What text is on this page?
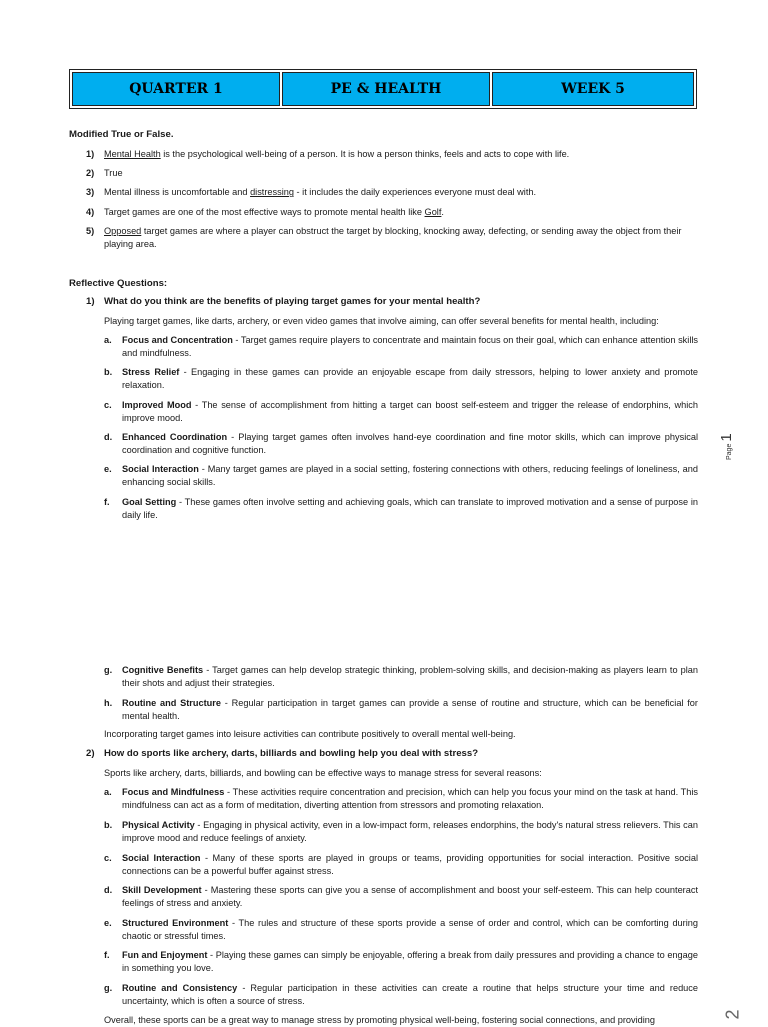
QUARTER 1	PE & HEALTH	WEEK 5
Modified True or False.
1)	Mental Health is the psychological well-being of a person. It is how a person thinks, feels and acts to cope with life.
2)	True
3)	Mental illness is uncomfortable and distressing - it includes the daily experiences everyone must deal with.
4)	Target games are one of the most effective ways to promote mental health like Golf.
5)	Opposed target games are where a player can obstruct the target by blocking, knocking away, defecting, or sending away the object from their playing area.
Reflective Questions:
1) What do you think are the benefits of playing target games for your mental health?
Playing target games, like darts, archery, or even video games that involve aiming, can offer several benefits for mental health, including:
a.	Focus and Concentration - Target games require players to concentrate and maintain focus on their goal, which can enhance attention skills and mindfulness.
b.	Stress Relief - Engaging in these games can provide an enjoyable escape from daily stressors, helping to lower anxiety and promote relaxation.
c.	Improved Mood - The sense of accomplishment from hitting a target can boost self-esteem and trigger the release of endorphins, which improve mood.
d.	Enhanced Coordination - Playing target games often involves hand-eye coordination and fine motor skills, which can improve physical coordination and cognitive function.
e.	Social Interaction - Many target games are played in a social setting, fostering connections with others, reducing feelings of loneliness, and enhancing social skills.
f.	Goal Setting - These games often involve setting and achieving goals, which can translate to improved motivation and a sense of purpose in daily life.
g.	Cognitive Benefits - Target games can help develop strategic thinking, problem-solving skills, and decision-making as players learn to plan their shots and adjust their strategies.
h.	Routine and Structure - Regular participation in target games can provide a sense of routine and structure, which can be beneficial for mental health.
Incorporating target games into leisure activities can contribute positively to overall mental well-being.
2) How do sports like archery, darts, billiards and bowling help you deal with stress?
Sports like archery, darts, billiards, and bowling can be effective ways to manage stress for several reasons:
a.	Focus and Mindfulness - These activities require concentration and precision, which can help you focus your mind on the task at hand. This mindfulness can act as a form of meditation, diverting attention from stressors and promoting relaxation.
b.	Physical Activity - Engaging in physical activity, even in a low-impact form, releases endorphins, the body's natural stress relievers. This can improve mood and reduce feelings of anxiety.
c.	Social Interaction - Many of these sports are played in groups or teams, providing opportunities for social interaction. Positive social connections can be a powerful buffer against stress.
d.	Skill Development - Mastering these sports can give you a sense of accomplishment and boost your self-esteem. This can help counteract feelings of stress and anxiety.
e.	Structured Environment - The rules and structure of these sports provide a sense of order and control, which can be comforting during chaotic or stressful times.
f.	Fun and Enjoyment - Playing these games can simply be enjoyable, offering a break from daily pressures and providing a chance to engage in something you love.
g.	Routine and Consistency - Regular participation in these activities can create a routine that helps structure your time and reduce uncertainty, which is often a source of stress.
Overall, these sports can be a great way to manage stress by promoting physical well-being, fostering social connections, and providing
Page
1
2
